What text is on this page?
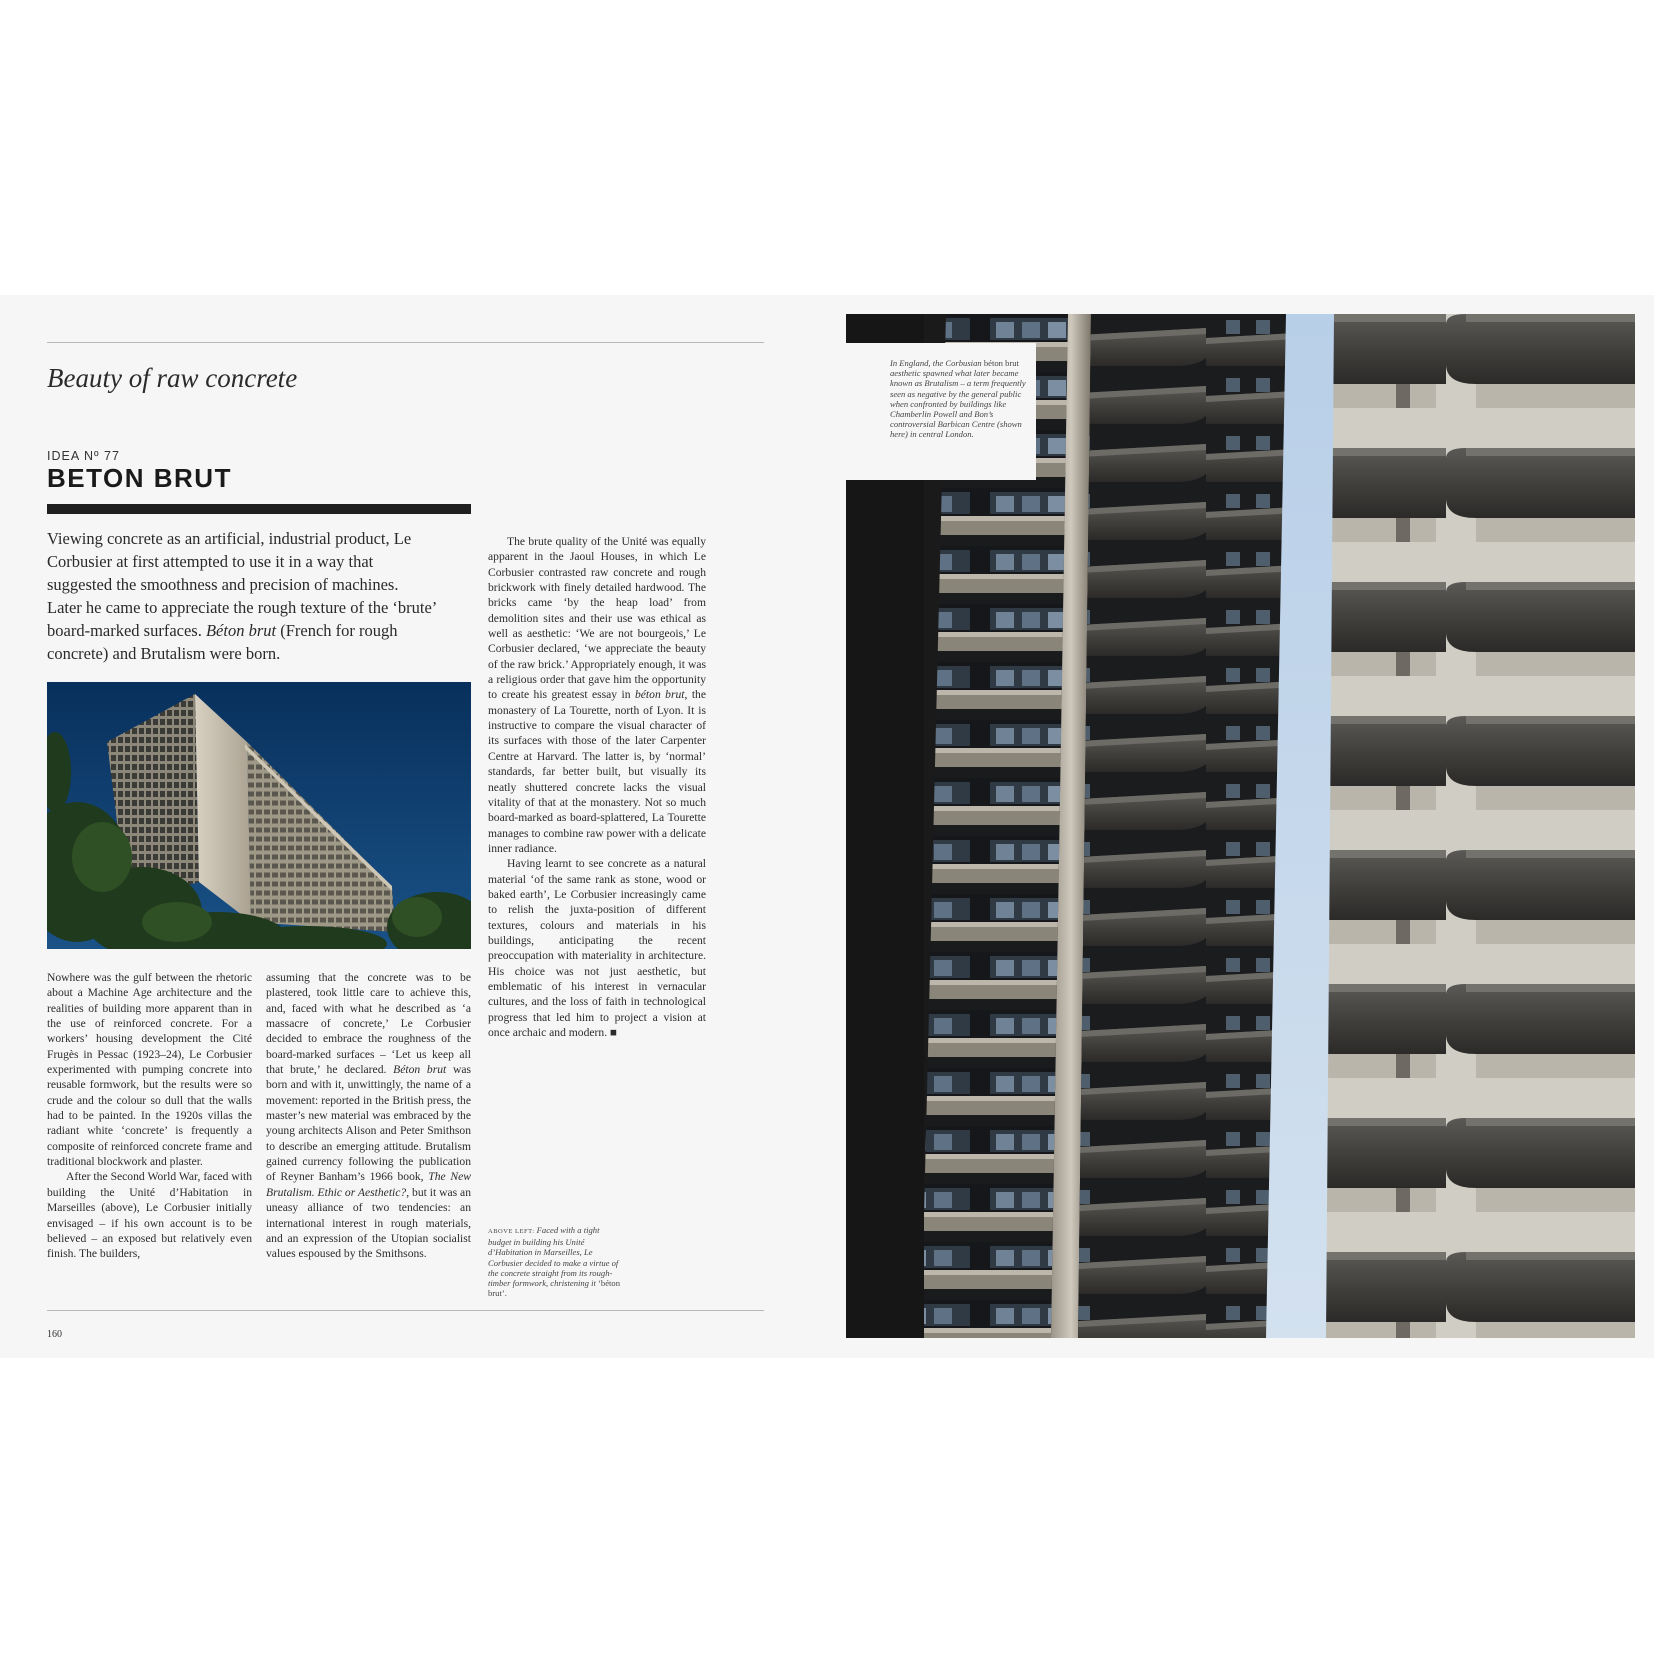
Beauty of raw concrete
IDEA Nº 77
BETON BRUT
Viewing concrete as an artificial, industrial product, Le Corbusier at first attempted to use it in a way that suggested the smoothness and precision of machines. Later he came to appreciate the rough texture of the ‘brute’ board-marked surfaces. Béton brut (French for rough concrete) and Brutalism were born.

Nowhere was the gulf between the rhetoric about a Machine Age architecture and the realities of building more apparent than in the use of reinforced concrete. For a workers’ housing development the Cité Frugès in Pessac (1923–24), Le Corbusier experimented with pumping concrete into reusable formwork, but the results were so crude and the colour so dull that the walls had to be painted. In the 1920s villas the radiant white ‘concrete’ is frequently a composite of reinforced concrete frame and traditional blockwork and plaster.

After the Second World War, faced with building the Unité d’Habitation in Marseilles (above), Le Corbusier initially envisaged – if his own account is to be believed – an exposed but relatively even finish. The builders,

assuming that the concrete was to be plastered, took little care to achieve this, and, faced with what he described as ‘a massacre of concrete,’ Le Corbusier decided to embrace the roughness of the board-marked surfaces – ‘Let us keep all that brute,’ he declared. Béton brut was born and with it, unwittingly, the name of a movement: reported in the British press, the master’s new material was embraced by the young architects Alison and Peter Smithson to describe an emerging attitude. Brutalism gained currency following the publication of Reyner Banham’s 1966 book, The New Brutalism. Ethic or Aesthetic?, but it was an uneasy alliance of two tendencies: an international interest in rough materials, and an expression of the Utopian socialist values espoused by the Smithsons.

The brute quality of the Unité was equally apparent in the Jaoul Houses, in which Le Corbusier contrasted raw concrete and rough brickwork with finely detailed hardwood. The bricks came ‘by the heap load’ from demolition sites and their use was ethical as well as aesthetic: ‘We are not bourgeois,’ Le Corbusier declared, ‘we appreciate the beauty of the raw brick.’ Appropriately enough, it was a religious order that gave him the opportunity to create his greatest essay in béton brut, the monastery of La Tourette, north of Lyon. It is instructive to compare the visual character of its surfaces with those of the later Carpenter Centre at Harvard. The latter is, by ‘normal’ standards, far better built, but visually its neatly shuttered concrete lacks the visual vitality of that at the monastery. Not so much board-marked as board-splattered, La Tourette manages to combine raw power with a delicate inner radiance.

Having learnt to see concrete as a natural material ‘of the same rank as stone, wood or baked earth’, Le Corbusier increasingly came to relish the juxta-position of different textures, colours and materials in his buildings, anticipating the recent preoccupation with materiality in architecture. His choice was not just aesthetic, but emblematic of his interest in vernacular cultures, and the loss of faith in technological progress that led him to project a vision at once archaic and modern. ■

ABOVE LEFT: Faced with a tight budget in building his Unité d’Habitation in Marseilles, Le Corbusier decided to make a virtue of the concrete straight from its rough-timber formwork, christening it ‘béton brut’.
160
In England, the Corbusian béton brut aesthetic spawned what later became known as Brutalism – a term frequently seen as negative by the general public when confronted by buildings like Chamberlin Powell and Bon’s controversial Barbican Centre (shown here) in central London.
